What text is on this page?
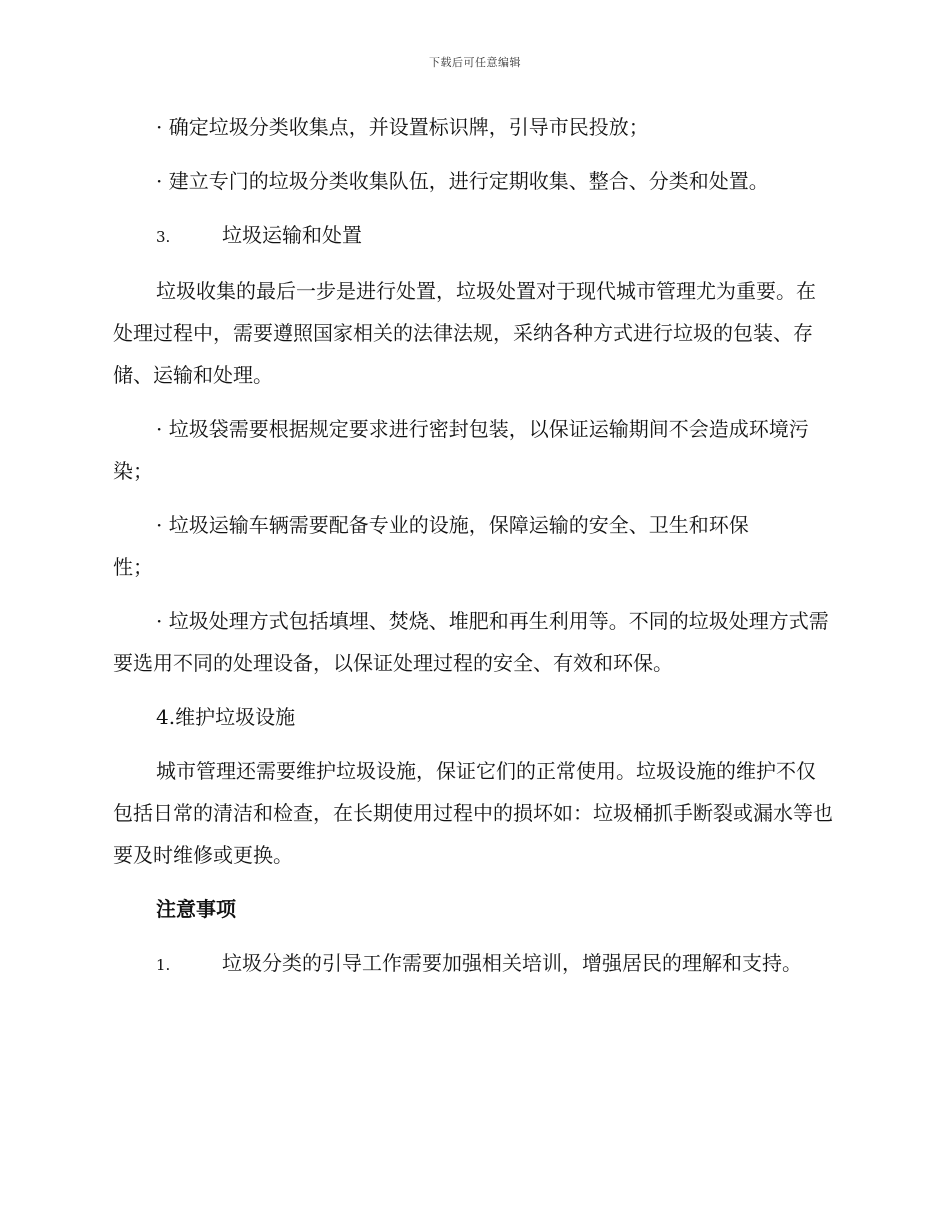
下载后可任意编辑

· 确定垃圾分类收集点，并设置标识牌，引导市民投放；

· 建立专门的垃圾分类收集队伍，进行定期收集、整合、分类和处置。

3.	垃圾运输和处置

垃圾收集的最后一步是进行处置，垃圾处置对于现代城市管理尤为重要。在处理过程中，需要遵照国家相关的法律法规，采纳各种方式进行垃圾的包装、存储、运输和处理。

· 垃圾袋需要根据规定要求进行密封包装，以保证运输期间不会造成环境污染；

· 垃圾运输车辆需要配备专业的设施，保障运输的安全、卫生和环保
性；

· 垃圾处理方式包括填埋、焚烧、堆肥和再生利用等。不同的垃圾处理方式需要选用不同的处理设备，以保证处理过程的安全、有效和环保。

4.维护垃圾设施

城市管理还需要维护垃圾设施，保证它们的正常使用。垃圾设施的维护不仅包括日常的清洁和检查，在长期使用过程中的损坏如：垃圾桶抓手断裂或漏水等也要及时维修或更换。

注意事项

1.	垃圾分类的引导工作需要加强相关培训，增强居民的理解和支持。
